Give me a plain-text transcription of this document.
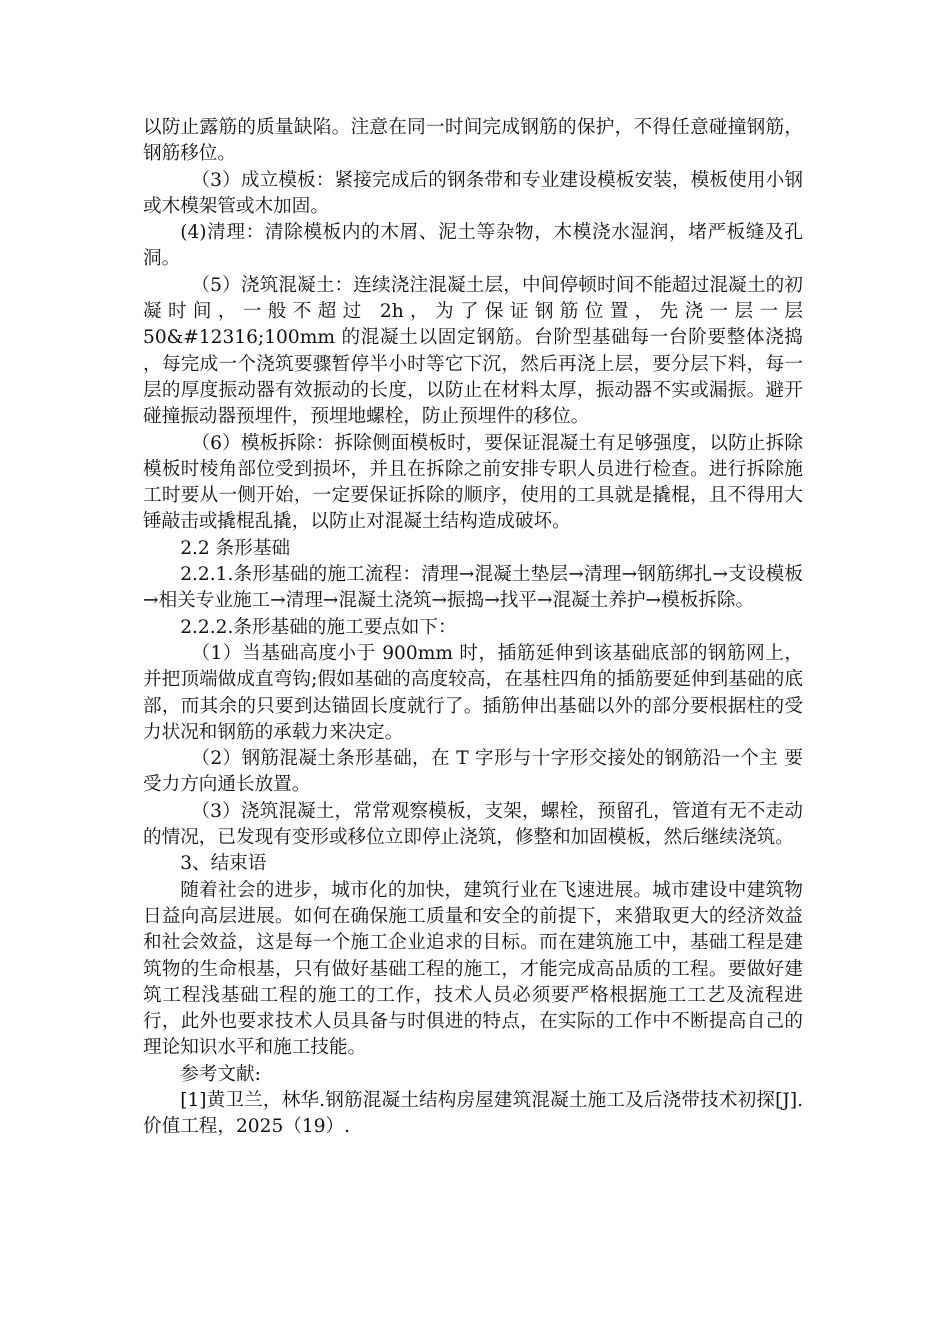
以防止露筋的质量缺陷。注意在同一时间完成钢筋的保护，不得任意碰撞钢筋，钢筋移位。

（3）成立模板：紧接完成后的钢条带和专业建设模板安装，模板使用小钢或木模架管或木加固。

(4)清理：清除模板内的木屑、泥土等杂物，木模浇水湿润，堵严板缝及孔洞。

（5）浇筑混凝土：连续浇注混凝土层，中间停顿时间不能超过混凝土的初凝时间，一般不超过 2h，为了保证钢筋位置，先浇一层一层 50&#12316;100mm 的混凝土以固定钢筋。台阶型基础每一台阶要整体浇捣 ，每完成一个浇筑要骤暂停半小时等它下沉，然后再浇上层，要分层下料，每一层的厚度振动器有效振动的长度，以防止在材料太厚，振动器不实或漏振。避开碰撞振动器预埋件，预埋地螺栓，防止预埋件的移位。

（6）模板拆除：拆除侧面模板时，要保证混凝土有足够强度，以防止拆除模板时棱角部位受到损坏，并且在拆除之前安排专职人员进行检查。进行拆除施工时要从一侧开始，一定要保证拆除的顺序，使用的工具就是撬棍，且不得用大锤敲击或撬棍乱撬，以防止对混凝土结构造成破坏。

2.2 条形基础

2.2.1.条形基础的施工流程：清理→混凝土垫层→清理→钢筋绑扎→支设模板→相关专业施工→清理→混凝土浇筑→振捣→找平→混凝土养护→模板拆除。

2.2.2.条形基础的施工要点如下：

（1）当基础高度小于 900mm 时，插筋延伸到该基础底部的钢筋网上，并把顶端做成直弯钩;假如基础的高度较高，在基柱四角的插筋要延伸到基础的底部，而其余的只要到达锚固长度就行了。插筋伸出基础以外的部分要根据柱的受力状况和钢筋的承载力来决定。

（2）钢筋混凝土条形基础，在 T 字形与十字形交接处的钢筋沿一个主 要受力方向通长放置。

（3）浇筑混凝土，常常观察模板，支架，螺栓，预留孔，管道有无不走动的情况，已发现有变形或移位立即停止浇筑，修整和加固模板，然后继续浇筑。

3、结束语

随着社会的进步，城市化的加快，建筑行业在飞速进展。城市建设中建筑物日益向高层进展。如何在确保施工质量和安全的前提下，来猎取更大的经济效益和社会效益，这是每一个施工企业追求的目标。而在建筑施工中，基础工程是建筑物的生命根基，只有做好基础工程的施工，才能完成高品质的工程。要做好建筑工程浅基础工程的施工的工作，技术人员必须要严格根据施工工艺及流程进行，此外也要求技术人员具备与时俱进的特点，在实际的工作中不断提高自己的理论知识水平和施工技能。

参考文献:

[1]黄卫兰，林华.钢筋混凝土结构房屋建筑混凝土施工及后浇带技术初探[J].价值工程，2025（19）.
